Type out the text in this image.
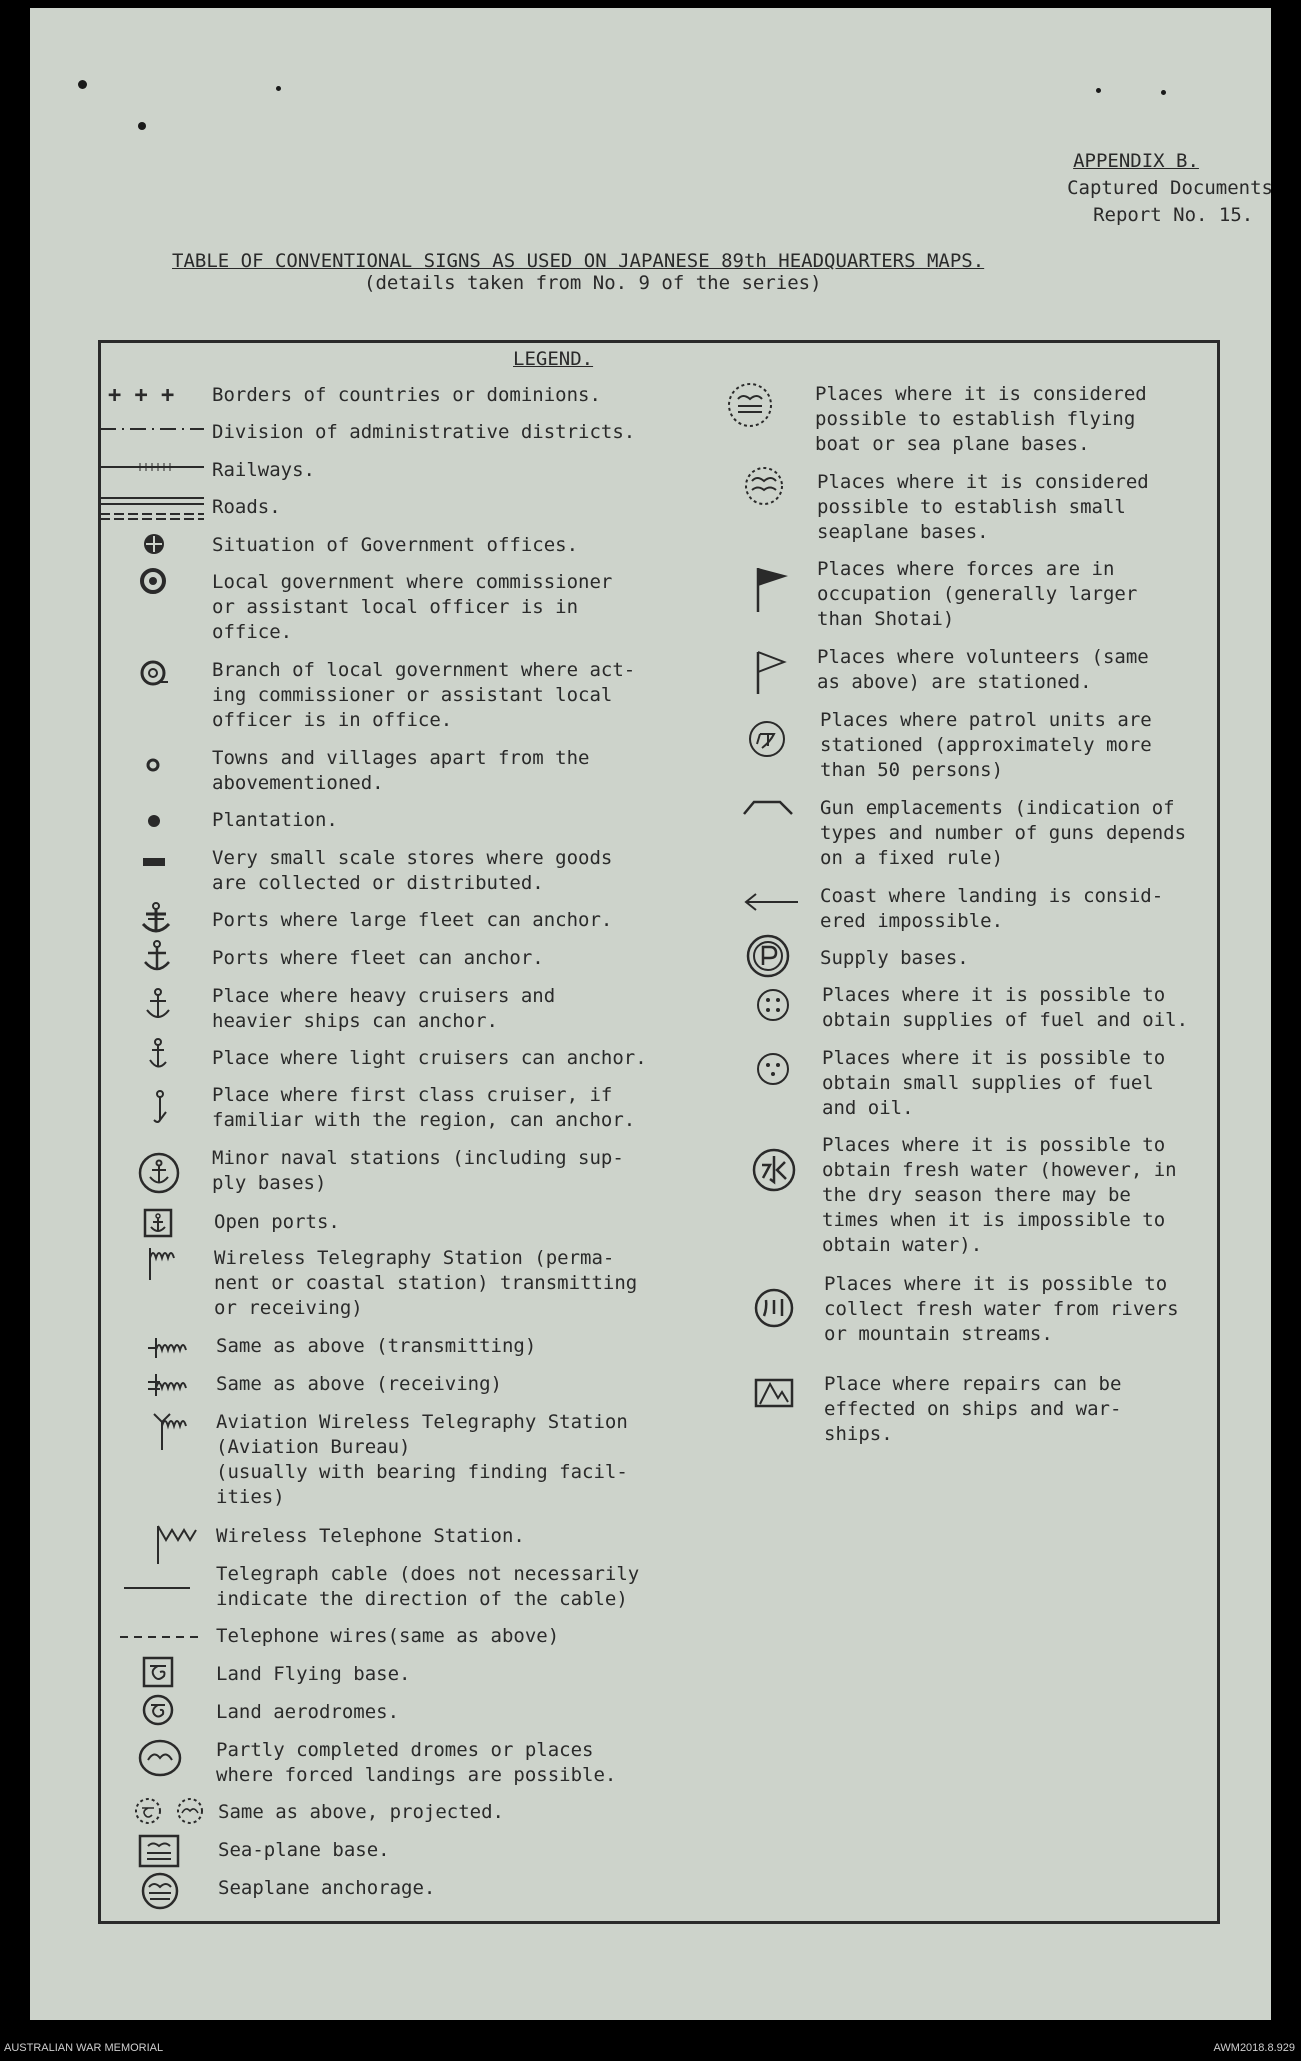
APPENDIX B.
Captured Documents
Report No. 15.
TABLE OF CONVENTIONAL SIGNS AS USED ON JAPANESE 89th HEADQUARTERS MAPS.
(details taken from No. 9 of the series)
LEGEND.
+ + + Borders of countries or dominions.
Division of administrative districts.
Railways.
Roads.
Situation of Government offices.
Local government where commissioner
or assistant local officer is in
office.
Branch of local government where act-
ing commissioner or assistant local
officer is in office.
Towns and villages apart from the
abovementioned.
Plantation.
Very small scale stores where goods
are collected or distributed.
Ports where large fleet can anchor.
Ports where fleet can anchor.
Place where heavy cruisers and
heavier ships can anchor.
Place where light cruisers can anchor.
Place where first class cruiser, if
familiar with the region, can anchor.
Minor naval stations (including sup-
ply bases)
Open ports.
Wireless Telegraphy Station (perma-
nent or coastal station) transmitting
or receiving)
Same as above (transmitting)
Same as above (receiving)
Aviation Wireless Telegraphy Station
(Aviation Bureau)
(usually with bearing finding facil-
ities)
Wireless Telephone Station.
Telegraph cable (does not necessarily
indicate the direction of the cable)
Telephone wires(same as above)
Land Flying base.
Land aerodromes.
Partly completed dromes or places
where forced landings are possible.
Same as above, projected.
Sea-plane base.
Seaplane anchorage.
Places where it is considered
possible to establish flying
boat or sea plane bases.
Places where it is considered
possible to establish small
seaplane bases.
Places where forces are in
occupation (generally larger
than Shotai)
Places where volunteers (same
as above) are stationed.
Places where patrol units are
stationed (approximately more
than 50 persons)
Gun emplacements (indication of
types and number of guns depends
on a fixed rule)
Coast where landing is consid-
ered impossible.
Supply bases.
Places where it is possible to
obtain supplies of fuel and oil.
Places where it is possible to
obtain small supplies of fuel
and oil.
Places where it is possible to
obtain fresh water (however, in
the dry season there may be
times when it is impossible to
obtain water).
Places where it is possible to
collect fresh water from rivers
or mountain streams.
Place where repairs can be
effected on ships and war-
ships.
AUSTRALIAN WAR MEMORIAL	AWM2018.8.929
